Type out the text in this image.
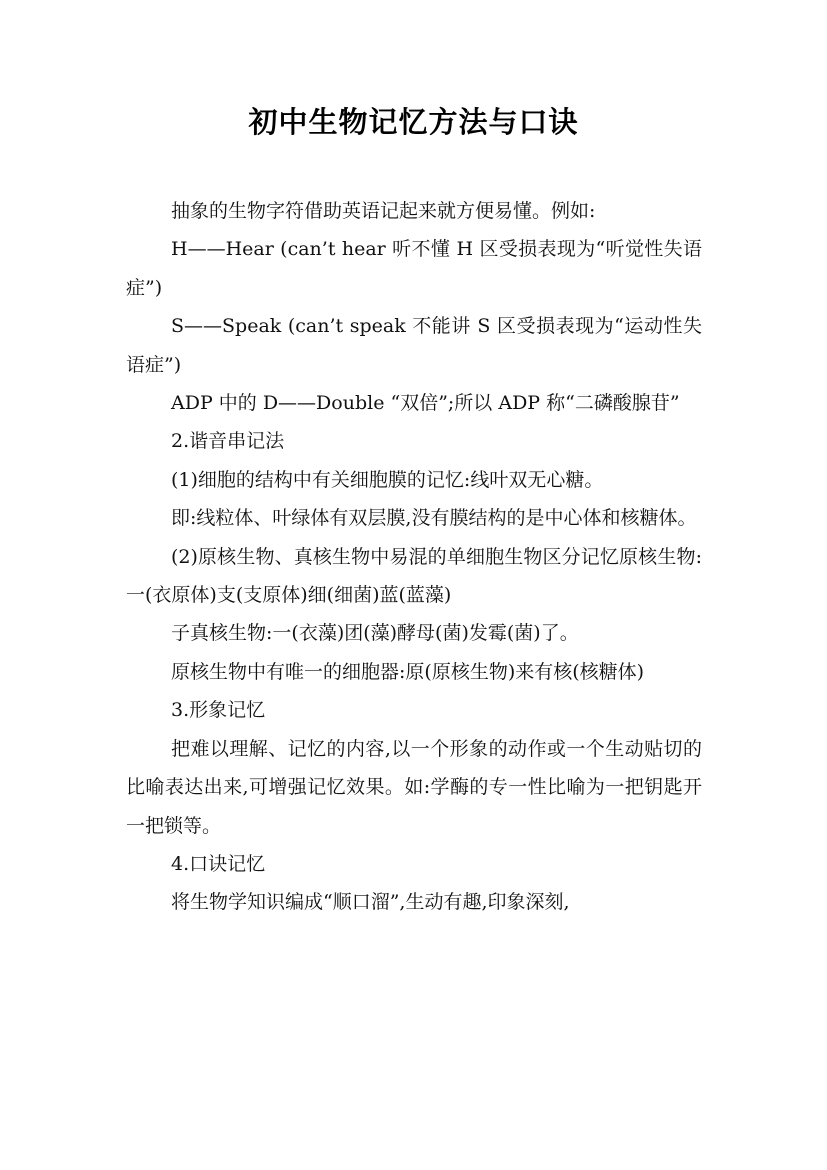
初中生物记忆方法与口诀

抽象的生物字符借助英语记起来就方便易懂。例如:

H——Hear (can’t hear 听不懂 H 区受损表现为“听觉性失语症”)

S——Speak (can’t speak 不能讲 S 区受损表现为“运动性失语症”)

ADP 中的 D——Double “双倍”;所以 ADP 称“二磷酸腺苷”

2.谐音串记法

(1)细胞的结构中有关细胞膜的记忆:线叶双无心糖。

即:线粒体、叶绿体有双层膜,没有膜结构的是中心体和核糖体。

(2)原核生物、真核生物中易混的单细胞生物区分记忆原核生物:一(衣原体)支(支原体)细(细菌)蓝(蓝藻)

子真核生物:一(衣藻)团(藻)酵母(菌)发霉(菌)了。

原核生物中有唯一的细胞器:原(原核生物)来有核(核糖体)

3.形象记忆

把难以理解、记忆的内容,以一个形象的动作或一个生动贴切的比喻表达出来,可增强记忆效果。如:学酶的专一性比喻为一把钥匙开一把锁等。

4.口诀记忆

将生物学知识编成“顺口溜”,生动有趣,印象深刻,
